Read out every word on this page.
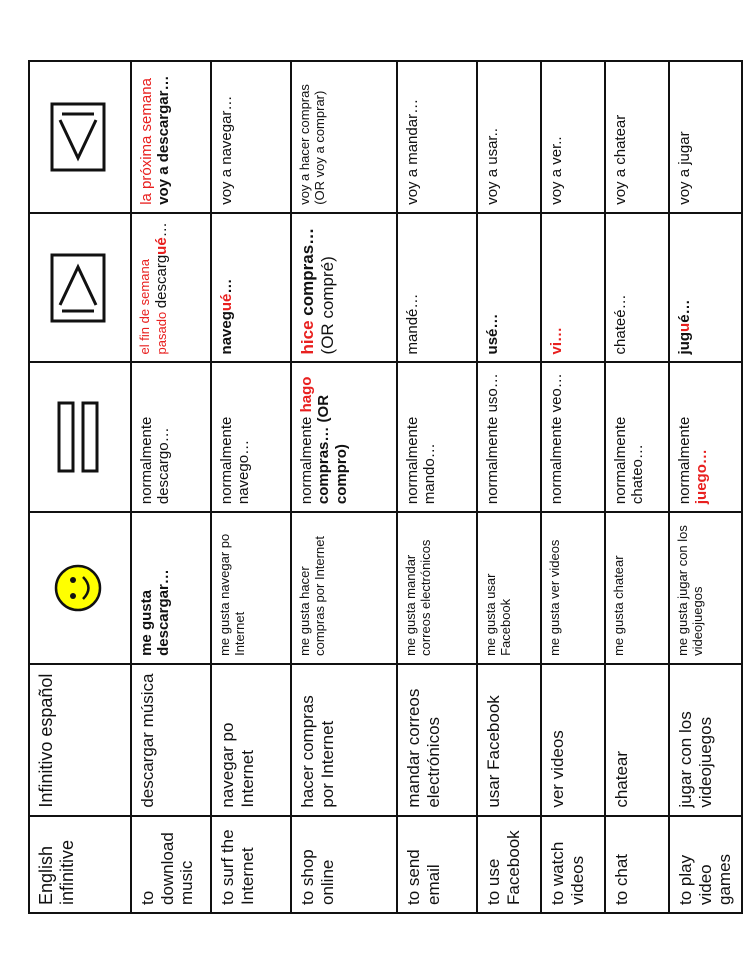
English infinitive	Infinitivo español	

to download music	descargar música	me gusta descargar…	normalmente descargo…	el fin de semana pasado descargué…	la próxima semana voy a descargar…
to surf the Internet	navegar po Internet	me gusta navegar po Internet	normalmente navego…	navegué…	voy a navegar…
to shop online	hacer compras por Internet	me gusta hacer compras por Internet	normalmente hago compras… (OR compro)	hice compras… (OR compré)	voy a hacer compras (OR voy a comprar)
to send email	mandar correos electrónicos	me gusta mandar correos electrónicos	normalmente mando…	mandé…	voy a mandar…
to use Facebook	usar Facebook	me gusta usar Facebook	normalmente uso…	usé…	voy a usar..
to watch videos	ver videos	me gusta ver videos	normalmente veo…	vi…	voy a ver..
to chat	chatear	me gusta chatear	normalmente chateo…	chateé…	voy a chatear
to play video games	jugar con los videojuegos	me gusta jugar con los videojuegos	normalmente juego…	jugué…	voy a jugar
